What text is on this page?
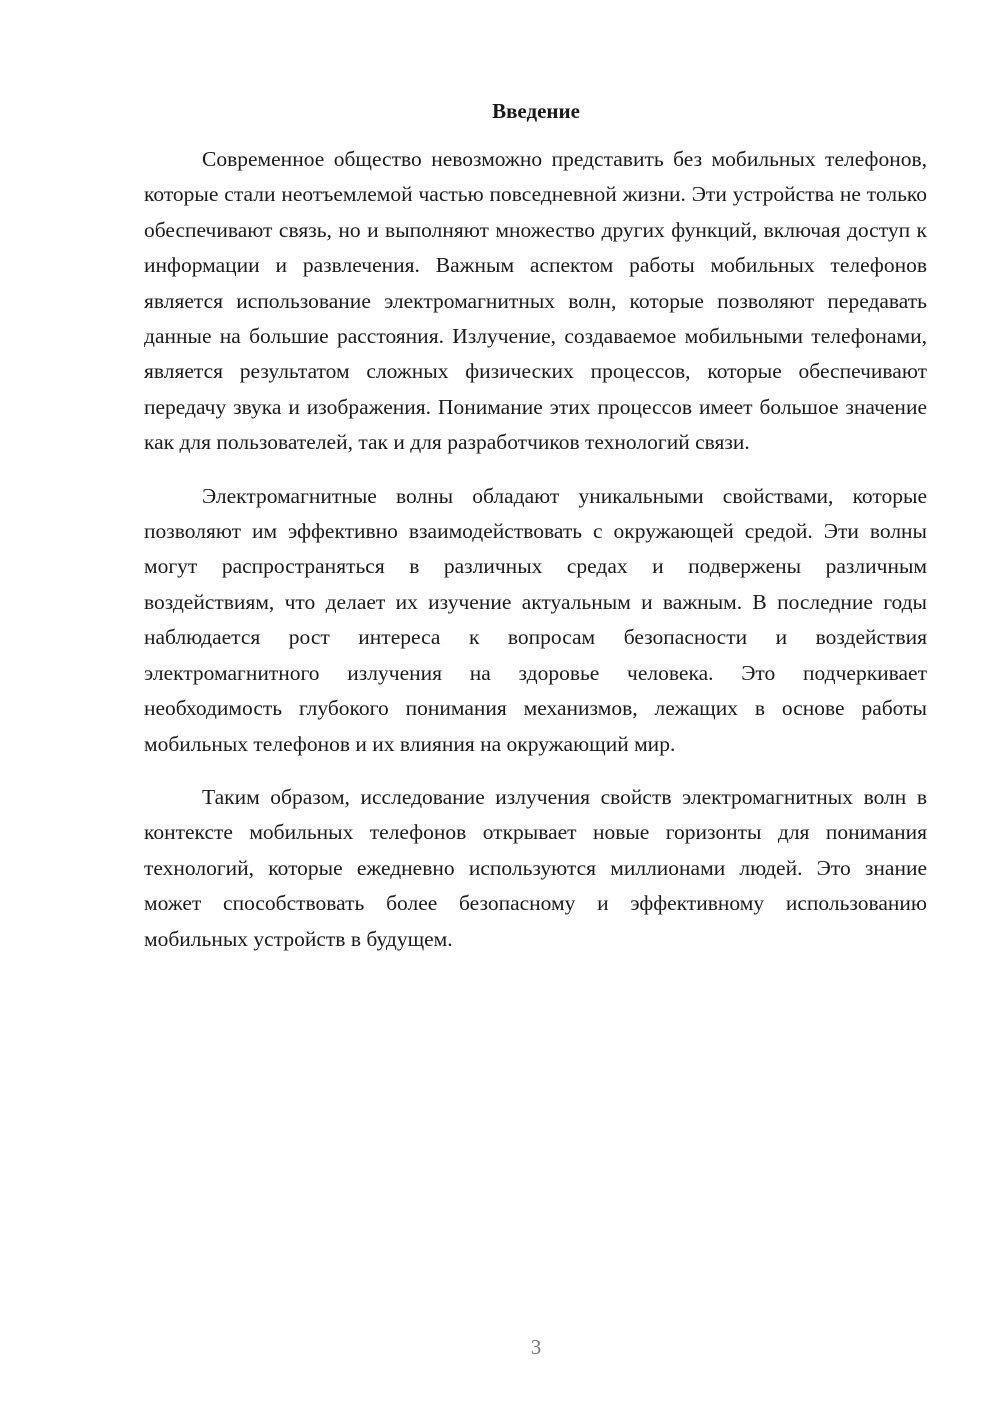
Введение

Современное общество невозможно представить без мобильных телефонов, которые стали неотъемлемой частью повседневной жизни. Эти устройства не только обеспечивают связь, но и выполняют множество других функций, включая доступ к информации и развлечения. Важным аспектом работы мобильных телефонов является использование электромагнитных волн, которые позволяют передавать данные на большие расстояния. Излучение, создаваемое мобильными телефонами, является результатом сложных физических процессов, которые обеспечивают передачу звука и изображения. Понимание этих процессов имеет большое значение как для пользователей, так и для разработчиков технологий связи.

Электромагнитные волны обладают уникальными свойствами, которые позволяют им эффективно взаимодействовать с окружающей средой. Эти волны могут распространяться в различных средах и подвержены различным воздействиям, что делает их изучение актуальным и важным. В последние годы наблюдается рост интереса к вопросам безопасности и воздействия электромагнитного излучения на здоровье человека. Это подчеркивает необходимость глубокого понимания механизмов, лежащих в основе работы мобильных телефонов и их влияния на окружающий мир.

Таким образом, исследование излучения свойств электромагнитных волн в контексте мобильных телефонов открывает новые горизонты для понимания технологий, которые ежедневно используются миллионами людей. Это знание может способствовать более безопасному и эффективному использованию мобильных устройств в будущем.

3
